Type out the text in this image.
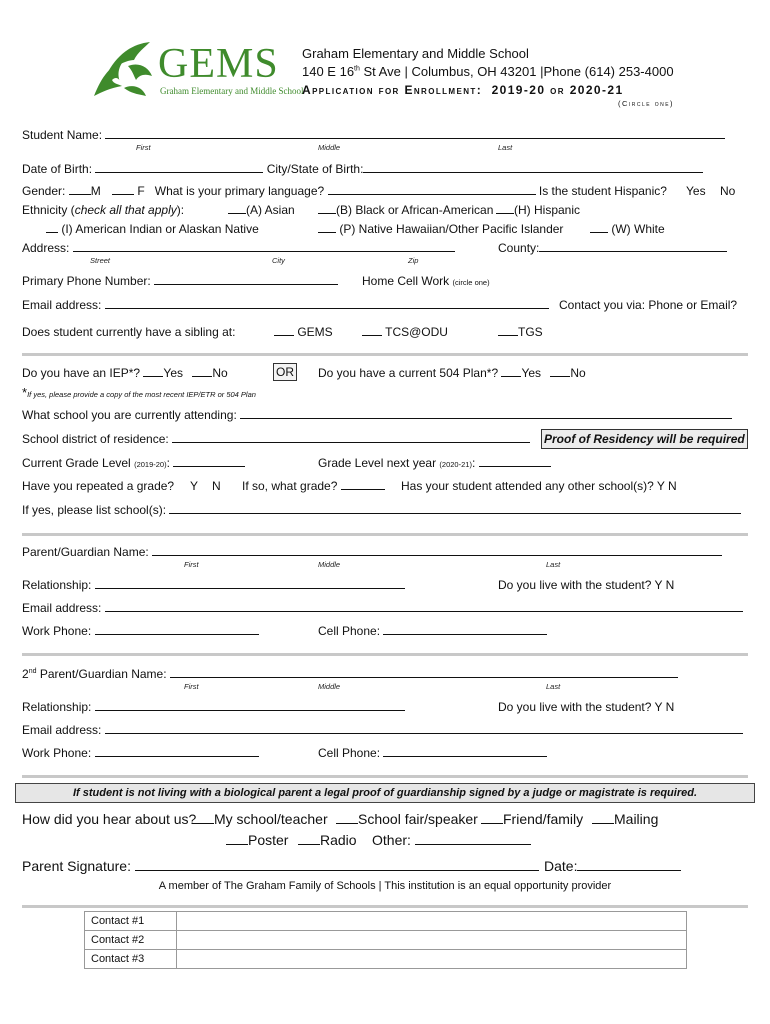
GEMS
Graham Elementary and Middle School
Graham Elementary and Middle School
140 E 16th St Ave | Columbus, OH 43201 |Phone (614) 253-4000
Application for Enrollment: 2019-20 or 2020-21
(Circle one)
Student Name:
First	Middle	Last
Date of Birth:	City/State of Birth:
Gender: M	F What is your primary language?	Is the student Hispanic? Yes No
Ethnicity (check all that apply):	(A) Asian	(B) Black or African-American	(H) Hispanic
(I) American Indian or Alaskan Native	(P) Native Hawaiian/Other Pacific Islander	(W) White
Address:	County:
Street	City	Zip
Primary Phone Number:	Home Cell Work (circle one)
Email address:	Contact you via: Phone or Email?
Does student currently have a sibling at:	GEMS	TCS@ODU	TGS
Do you have an IEP*? Yes No	OR Do you have a current 504 Plan*? Yes No
*If yes, please provide a copy of the most recent IEP/ETR or 504 Plan
What school you are currently attending:
School district of residence:	Proof of Residency will be required
Current Grade Level (2019-20):	Grade Level next year (2020-21):
Have you repeated a grade? Y N If so, what grade?	Has your student attended any other school(s)? Y N
If yes, please list school(s):
Parent/Guardian Name:
First	Middle	Last
Relationship:	Do you live with the student? Y N
Email address:
Work Phone:	Cell Phone:
2nd Parent/Guardian Name:
First	Middle	Last
Relationship:	Do you live with the student? Y N
Email address:
Work Phone:	Cell Phone:
If student is not living with a biological parent a legal proof of guardianship signed by a judge or magistrate is required.
How did you hear about us?	My school/teacher	School fair/speaker	Friend/family	Mailing
Poster	Radio Other:
Parent Signature:	Date:
A member of The Graham Family of Schools | This institution is an equal opportunity provider
Contact #1	
Contact #2	
Contact #3	
